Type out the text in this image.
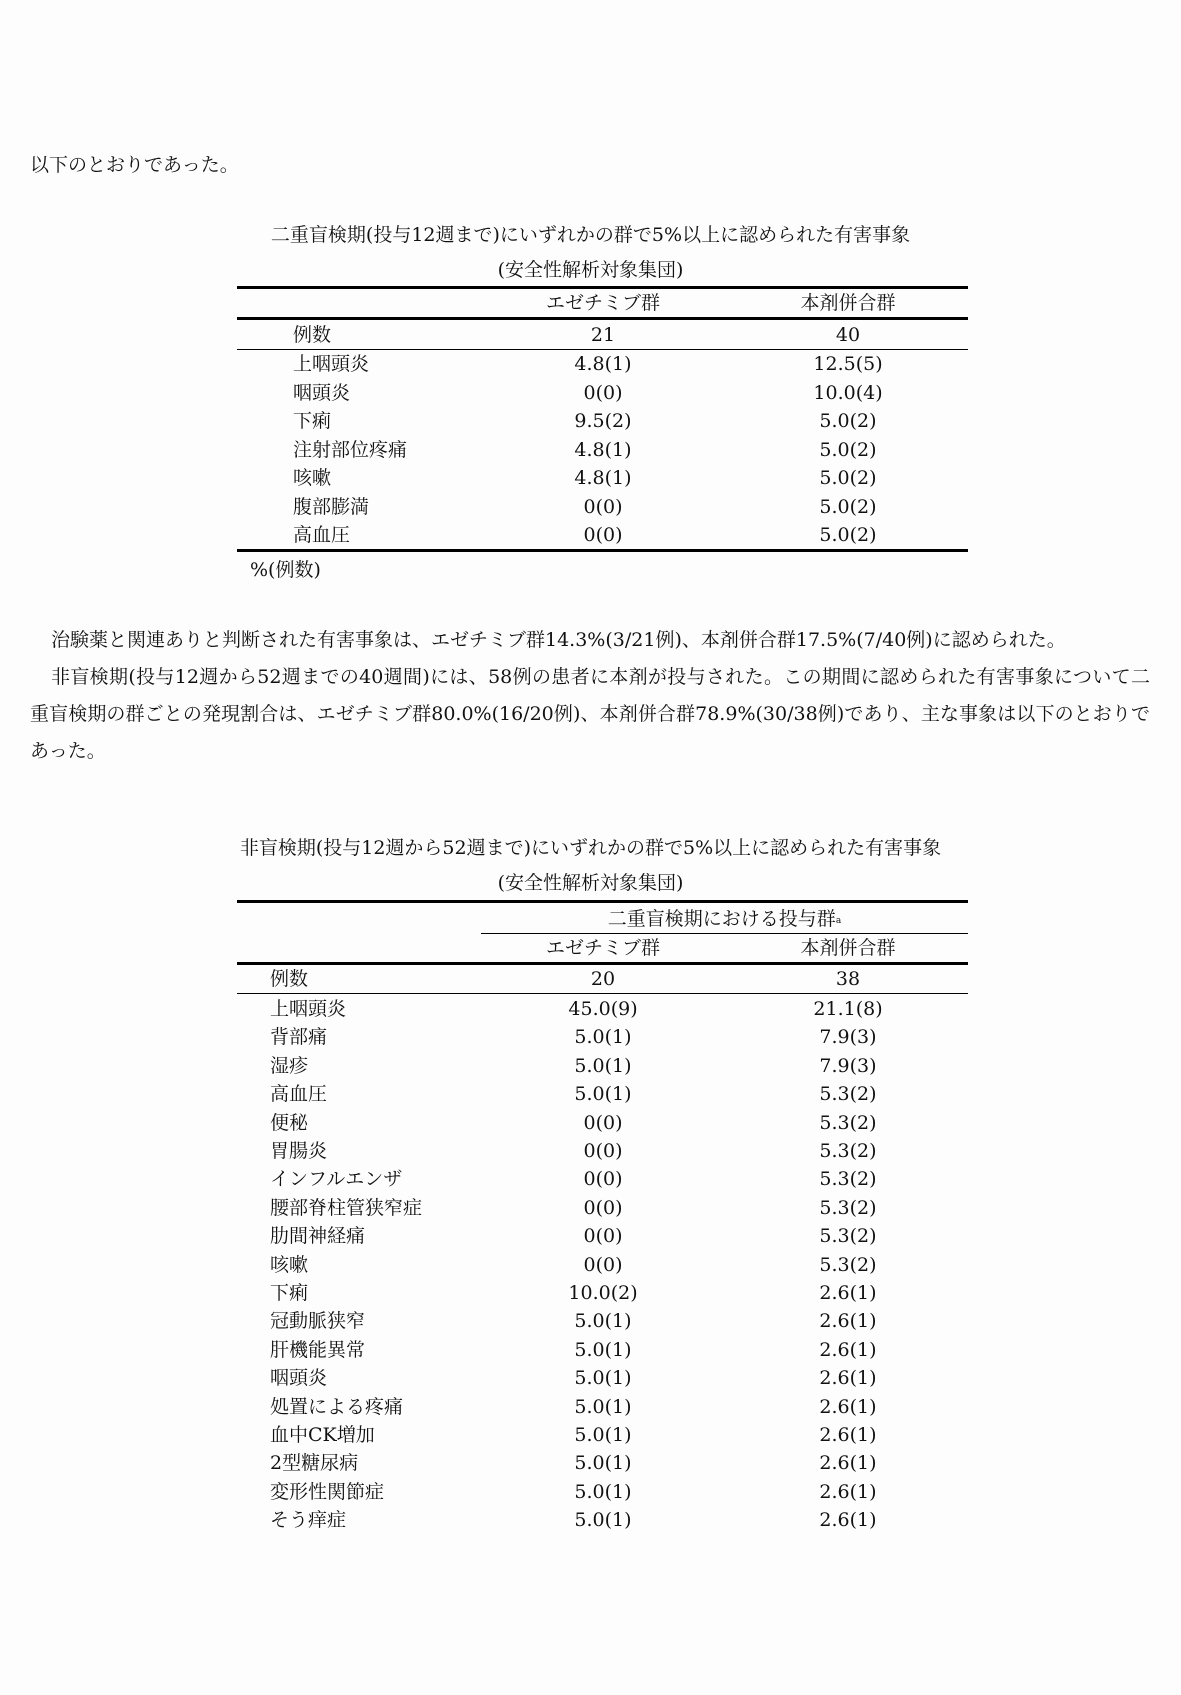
以下のとおりであった。
二重盲検期(投与12週まで)にいずれかの群で5%以上に認められた有害事象
(安全性解析対象集団)
エゼチミブ群	本剤併合群
例数	21	40
上咽頭炎	4.8(1)	12.5(5)
咽頭炎	0(0)	10.0(4)
下痢	9.5(2)	5.0(2)
注射部位疼痛	4.8(1)	5.0(2)
咳嗽	4.8(1)	5.0(2)
腹部膨満	0(0)	5.0(2)
高血圧	0(0)	5.0(2)
%(例数)

治験薬と関連ありと判断された有害事象は、エゼチミブ群14.3%(3/21例)、本剤併合群17.5%(7/40例)に認められた。

非盲検期(投与12週から52週までの40週間)には、58例の患者に本剤が投与された。この期間に認められた有害事象について二重盲検期の群ごとの発現割合は、エゼチミブ群80.0%(16/20例)、本剤併合群78.9%(30/38例)であり、主な事象は以下のとおりであった。

非盲検期(投与12週から52週まで)にいずれかの群で5%以上に認められた有害事象
(安全性解析対象集団)
二重盲検期における投与群$^a$
エゼチミブ群	本剤併合群
例数	20	38
上咽頭炎	45.0(9)	21.1(8)
背部痛	5.0(1)	7.9(3)
湿疹	5.0(1)	7.9(3)
高血圧	5.0(1)	5.3(2)
便秘	0(0)	5.3(2)
胃腸炎	0(0)	5.3(2)
インフルエンザ	0(0)	5.3(2)
腰部脊柱管狭窄症	0(0)	5.3(2)
肋間神経痛	0(0)	5.3(2)
咳嗽	0(0)	5.3(2)
下痢	10.0(2)	2.6(1)
冠動脈狭窄	5.0(1)	2.6(1)
肝機能異常	5.0(1)	2.6(1)
咽頭炎	5.0(1)	2.6(1)
処置による疼痛	5.0(1)	2.6(1)
血中CK増加	5.0(1)	2.6(1)
2型糖尿病	5.0(1)	2.6(1)
変形性関節症	5.0(1)	2.6(1)
そう痒症	5.0(1)	2.6(1)
